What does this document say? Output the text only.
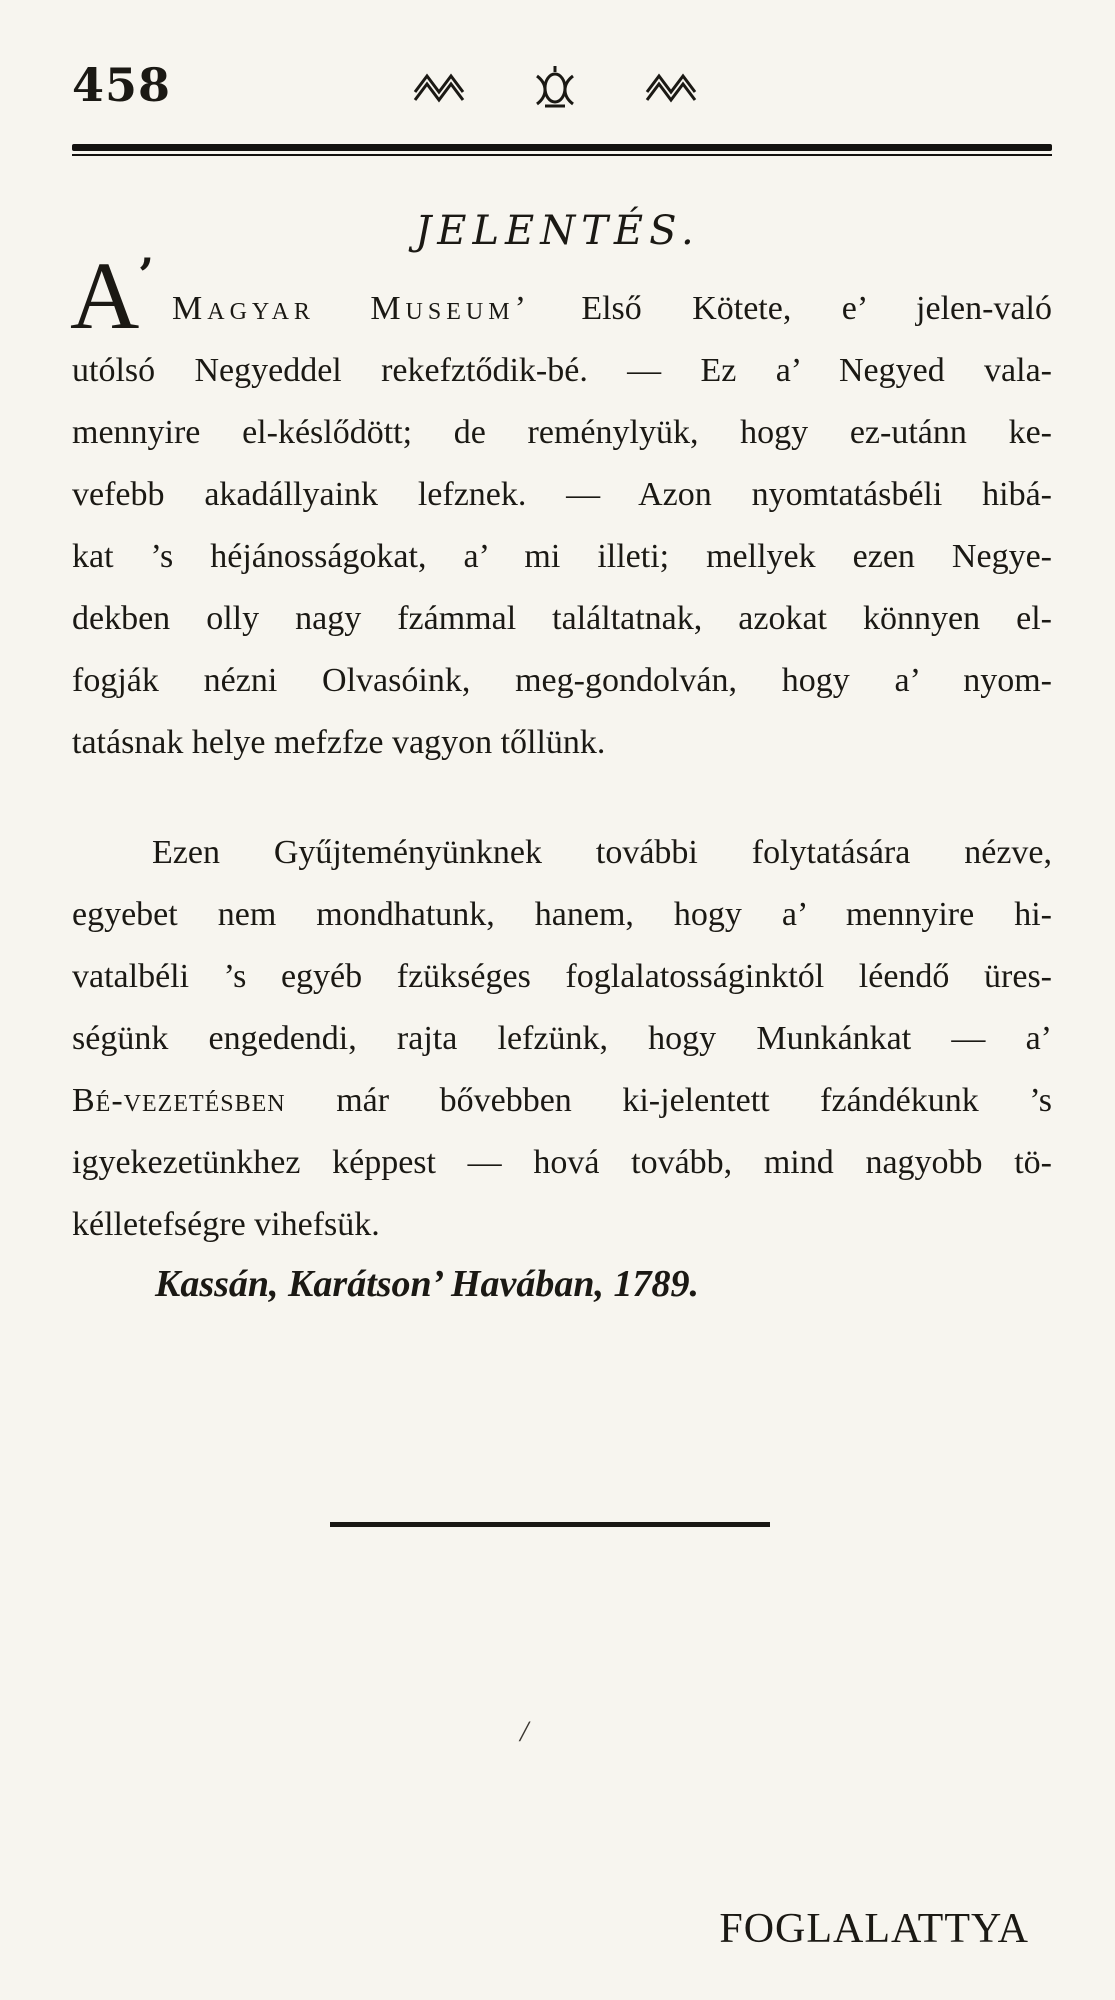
458
JELENTÉS.
A
’
Magyar Museum’ Első Kötete, e’ jelen-való
utólsó Negyeddel rekefztődik-bé. — Ez a’ Negyed vala-
mennyire el-késlődött; de reménylyük, hogy ez-utánn ke-
vefebb akadállyaink lefznek. — Azon nyomtatásbéli hibá-
kat ’s héjánosságokat, a’ mi illeti; mellyek ezen Negye-
dekben olly nagy fzámmal találtatnak, azokat könnyen el-
fogják nézni Olvasóink, meg-gondolván, hogy a’ nyom-
tatásnak helye mefzfze vagyon tőllünk.
Ezen Gyűjteményünknek további folytatására nézve,
egyebet nem mondhatunk, hanem, hogy a’ mennyire hi-
vatalbéli ’s egyéb fzükséges foglalatosságinktól léendő üres-
ségünk engedendi, rajta lefzünk, hogy Munkánkat — a’
Bé-vezetésben már bővebben ki-jelentett fzándékunk ’s
igyekezetünkhez képpest — hová tovább, mind nagyobb tö-
kélletefségre vihefsük.
Kassán, Karátson’ Havában, 1789.
/
FOGLALATTYA
